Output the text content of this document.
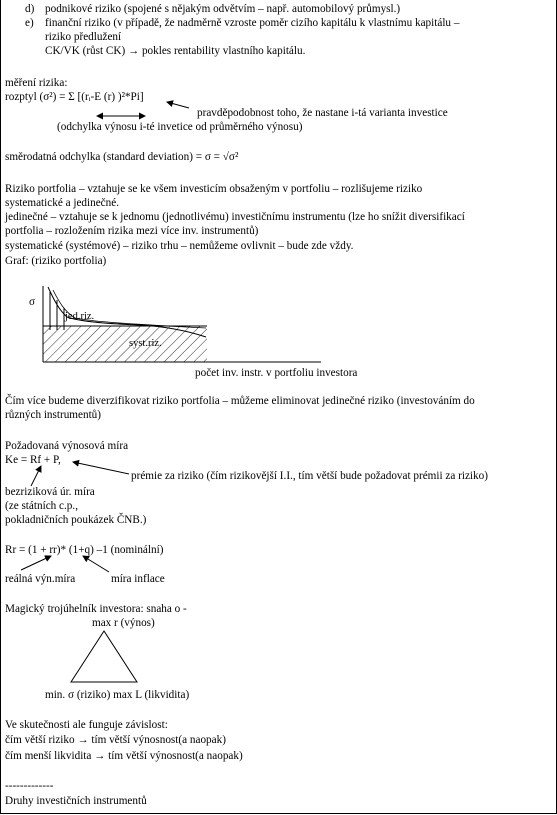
d) podnikové riziko (spojené s nějakým odvětvím – např. automobilový průmysl.)
e) finanční riziko (v případě, že nadměrně vzroste poměr cizího kapitálu k vlastnímu kapitálu –
riziko předlužení
CK/VK (růst CK) → pokles rentability vlastního kapitálu.
měření rizika:
rozptyl (σ²) = Σ [(rᵢ-E (r) )²*Pi]
pravděpodobnost toho, že nastane i-tá varianta investice
(odchylka výnosu i-té invetice od průměrného výnosu)
směrodatná odchylka (standard deviation) = σ = √σ²
Riziko portfolia – vztahuje se ke všem investicím obsaženým v portfoliu – rozlišujeme riziko
systematické a jedinečné.
jedinečné – vztahuje se k jednomu (jednotlivému) investičnímu instrumentu (lze ho snížit diversifikací
portfolia – rozložením rizika mezi více inv. instrumentů)
systematické (systémové) – riziko trhu – nemůžeme ovlivnit – bude zde vždy.
Graf: (riziko portfolia)
σ
jed.riz.
počet inv. instr. v portfoliu investora
Čím více budeme diverzifikovat riziko portfolia – můžeme eliminovat jedinečné riziko (investováním do
různých instrumentů)
Požadovaná výnosová míra
Ke = Rf + P,
prémie za riziko (čím rizikovější I.I., tím větší bude požadovat prémii za riziko)
bezriziková úr. míra
(ze státních c.p.,
pokladničních poukázek ČNB.)
Rr = (1 + rr)* (1+q) –1 (nominální)
reálná výn.míra	míra inflace
Magický trojúhelník investora: snaha o -
max r (výnos)
min. σ (riziko) max L (likvidita)
Ve skutečnosti ale funguje závislost:
čím větší riziko → tím větší výnosnost(a naopak)
čím menší likvidita → tím větší výnosnost(a naopak)
-------------
Druhy investičních instrumentů
